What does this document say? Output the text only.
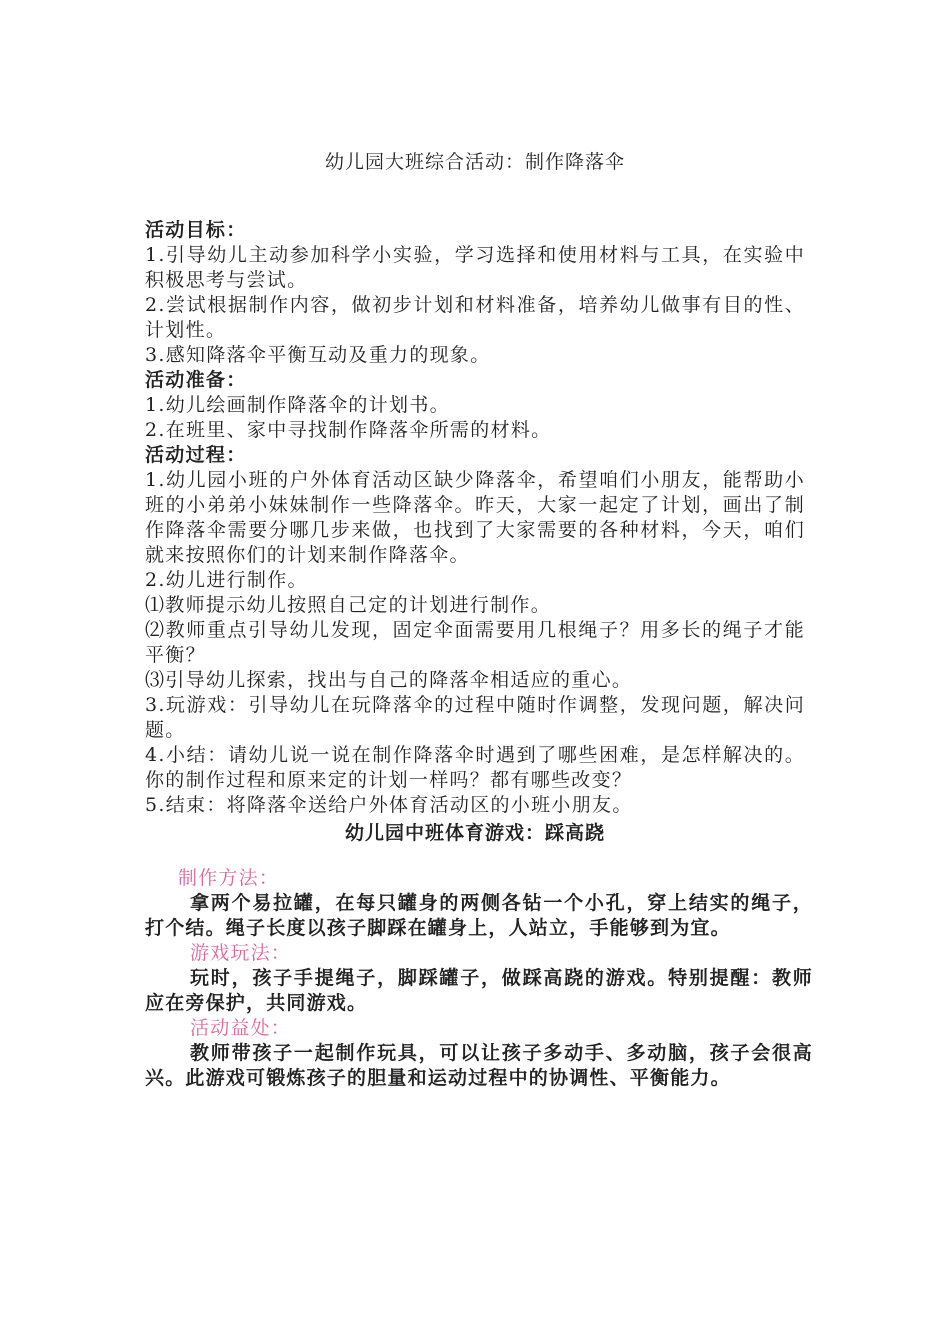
幼儿园大班综合活动：制作降落伞
活动目标：
1.引导幼儿主动参加科学小实验，学习选择和使用材料与工具，在实验中积极思考与尝试。
2.尝试根据制作内容，做初步计划和材料准备，培养幼儿做事有目的性、计划性。
3.感知降落伞平衡互动及重力的现象。
活动准备：
1.幼儿绘画制作降落伞的计划书。
2.在班里、家中寻找制作降落伞所需的材料。
活动过程：
1.幼儿园小班的户外体育活动区缺少降落伞，希望咱们小朋友，能帮助小班的小弟弟小妹妹制作一些降落伞。昨天，大家一起定了计划，画出了制作降落伞需要分哪几步来做，也找到了大家需要的各种材料，今天，咱们就来按照你们的计划来制作降落伞。
2.幼儿进行制作。
⑴教师提示幼儿按照自己定的计划进行制作。
⑵教师重点引导幼儿发现，固定伞面需要用几根绳子？用多长的绳子才能平衡？
⑶引导幼儿探索，找出与自己的降落伞相适应的重心。
3.玩游戏：引导幼儿在玩降落伞的过程中随时作调整，发现问题，解决问题。
4.小结：请幼儿说一说在制作降落伞时遇到了哪些困难，是怎样解决的。你的制作过程和原来定的计划一样吗？都有哪些改变？
5.结束：将降落伞送给户外体育活动区的小班小朋友。
幼儿园中班体育游戏：踩高跷
制作方法：
拿两个易拉罐，在每只罐身的两侧各钻一个小孔，穿上结实的绳子，打个结。绳子长度以孩子脚踩在罐身上，人站立，手能够到为宜。
游戏玩法：
玩时，孩子手提绳子，脚踩罐子，做踩高跷的游戏。特别提醒：教师应在旁保护，共同游戏。
活动益处：
教师带孩子一起制作玩具，可以让孩子多动手、多动脑，孩子会很高兴。此游戏可锻炼孩子的胆量和运动过程中的协调性、平衡能力。
